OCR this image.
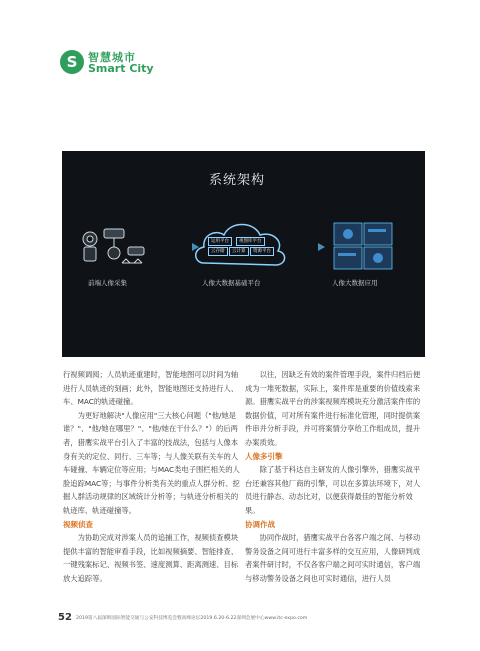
S 智慧城市
Smart City
系统架构
运用平台	视图库平台
云存储	云计算	资源平台
前端人像采集	人像大数据基础平台	人像大数据应用

行视频调阅；人员轨迹重建时，智能地图可以时间为轴进行人员轨迹的刻画；此外，智能地图还支持进行人、车、MAC的轨迹碰撞。

为更好地解决"人像应用"三大核心问题（"他/她是谁？"、"他/她在哪里？"、"他/她在干什么？"）的后两者，猎鹰实战平台引入了丰富的技战法，包括与人像本身有关的定位、同行、三车等；与人像关联有关车的人车碰撞、车辆定位等应用；与MAC类电子围栏相关的人脸追踪MAC等；与事件分析类有关的重点人群分析、挖掘人群活动规律的区域统计分析等；与轨迹分析相关的轨迹库、轨迹碰撞等。

视频侦查

为协助完成对涉案人员的追捕工作，视频侦查模块提供丰富的智能审看手段，比如视频摘要、智能排查、一键残案标记、视频书签、速度测算、距离测速、目标放大追踪等。

以往，因缺乏有效的案件管理手段，案件归档后便成为一堆死数据，实际上，案件库是重要的价值线索来源。猎鹰实战平台的涉案视频库模块充分激活案件库的数据价值，可对所有案件进行标准化管理，同时提供案件串并分析手段，并可将案情分享给工作组成员，提升办案质效。

人像多引擎

除了基于科达自主研发的人像引擎外，猎鹰实战平台还兼容其他厂商的引擎，可以在多算法环境下，对人员进行静态、动态比对，以便获得最佳的智能分析效果。

协调作战

协同作战时，猎鹰实战平台各客户端之间、与移动警务设备之间可进行丰富多样的交互应用，人像研判成者案件研讨时，不仅各客户端之间可实时通信，客户端与移动警务设备之间也可实时通信，进行人员

52 2019第八届深圳国际智能交通与公安科技博览会暨高峰论坛2019.6.20-6.22深圳会展中心www.itc-expo.com
